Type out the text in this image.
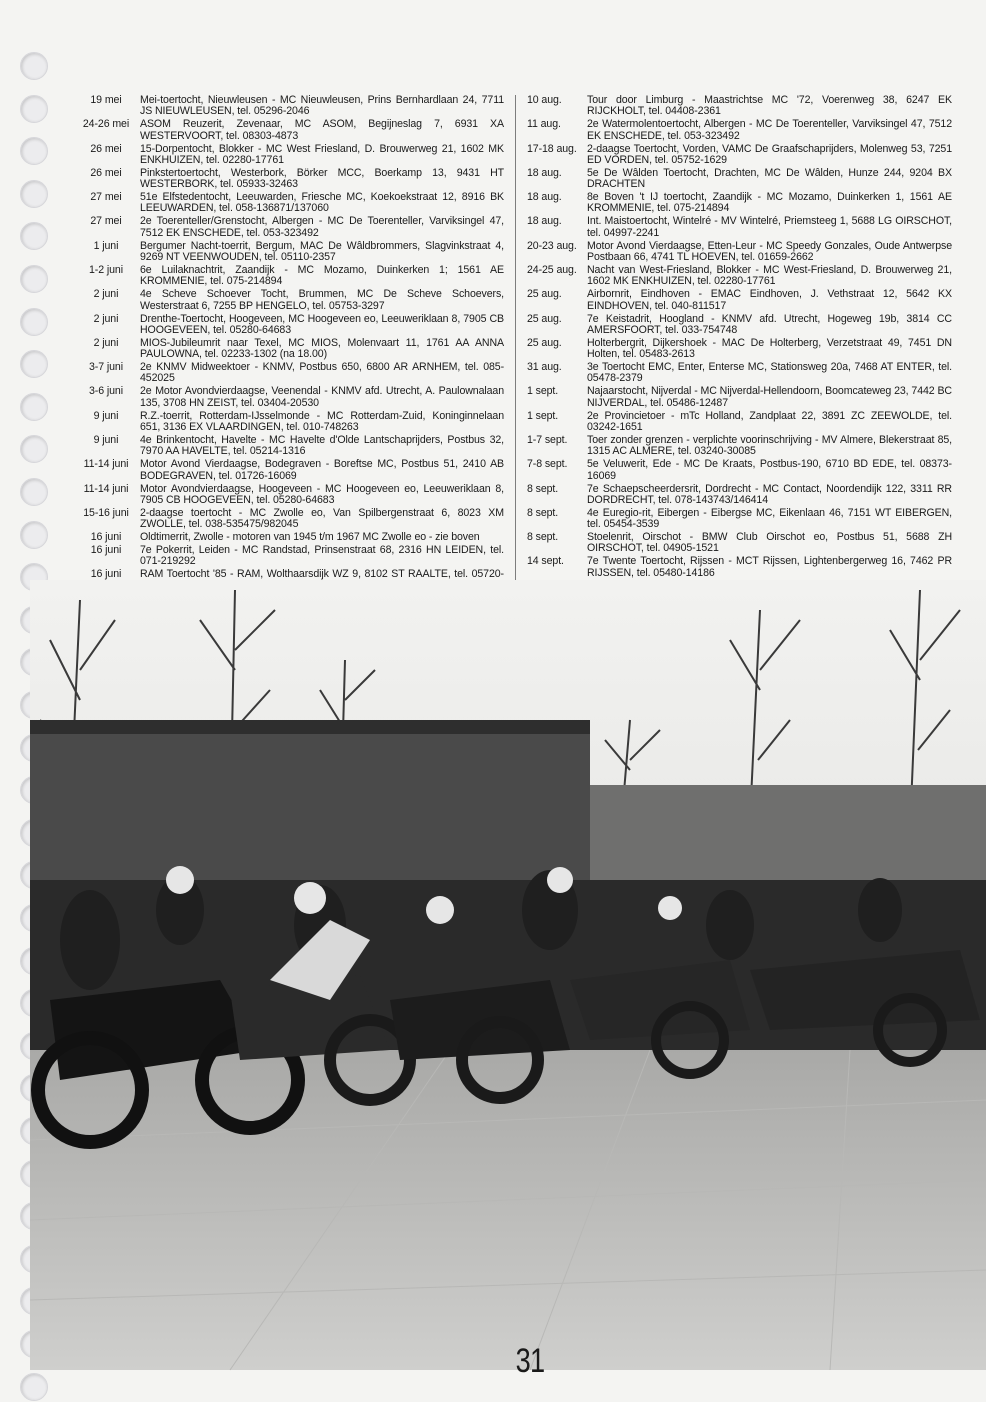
19 mei	Mei-toertocht, Nieuwleusen - MC Nieuwleusen, Prins Bernhardlaan 24, 7711 JS NIEUWLEUSEN, tel. 05296-2046
24-26 mei	ASOM Reuzerit, Zevenaar, MC ASOM, Begijneslag 7, 6931 XA WESTERVOORT, tel. 08303-4873
26 mei	15-Dorpentocht, Blokker - MC West Friesland, D. Brouwerweg 21, 1602 MK ENKHUIZEN, tel. 02280-17761
26 mei	Pinkstertoertocht, Westerbork, Börker MCC, Boerkamp 13, 9431 HT WESTERBORK, tel. 05933-32463
27 mei	51e Elfstedentocht, Leeuwarden, Friesche MC, Koekoekstraat 12, 8916 BK LEEUWARDEN, tel. 058-136871/137060
27 mei	2e Toerenteller/Grenstocht, Albergen - MC De Toerenteller, Varviksingel 47, 7512 EK ENSCHEDE, tel. 053-323492
1 juni	Bergumer Nacht-toerrit, Bergum, MAC De Wâldbrommers, Slagvinkstraat 4, 9269 NT VEENWOUDEN, tel. 05110-2357
1-2 juni	6e Luilaknachtrit, Zaandijk - MC Mozamo, Duinkerken 1; 1561 AE KROMMENIE, tel. 075-214894
2 juni	4e Scheve Schoever Tocht, Brummen, MC De Scheve Schoevers, Westerstraat 6, 7255 BP HENGELO, tel. 05753-3297
2 juni	Drenthe-Toertocht, Hoogeveen, MC Hoogeveen eo, Leeuweriklaan 8, 7905 CB HOOGEVEEN, tel. 05280-64683
2 juni	MIOS-Jubileumrit naar Texel, MC MIOS, Molenvaart 11, 1761 AA ANNA PAULOWNA, tel. 02233-1302 (na 18.00)
3-7 juni	2e KNMV Midweektoer - KNMV, Postbus 650, 6800 AR ARNHEM, tel. 085-452025
3-6 juni	2e Motor Avondvierdaagse, Veenendal - KNMV afd. Utrecht, A. Paulownalaan 135, 3708 HN ZEIST, tel. 03404-20530
9 juni	R.Z.-toerrit, Rotterdam-IJsselmonde - MC Rotterdam-Zuid, Koninginnelaan 651, 3136 EX VLAARDINGEN, tel. 010-748263
9 juni	4e Brinkentocht, Havelte - MC Havelte d'Olde Lantschaprijders, Postbus 32, 7970 AA HAVELTE, tel. 05214-1316
11-14 juni	Motor Avond Vierdaagse, Bodegraven - Boreftse MC, Postbus 51, 2410 AB BODEGRAVEN, tel. 01726-16069
11-14 juni	Motor Avondvierdaagse, Hoogeveen - MC Hoogeveen eo, Leeuweriklaan 8, 7905 CB HOOGEVEEN, tel. 05280-64683
15-16 juni	2-daagse toertocht - MC Zwolle eo, Van Spilbergenstraat 6, 8023 XM ZWOLLE, tel. 038-535475/982045
16 juni	Oldtimerrit, Zwolle - motoren van 1945 t/m 1967 MC Zwolle eo - zie boven
16 juni	7e Pokerrit, Leiden - MC Randstad, Prinsenstraat 68, 2316 HN LEIDEN, tel. 071-219292
16 juni	RAM Toertocht '85 - RAM, Wolthaarsdijk WZ 9, 8102 ST RAALTE, tel. 05720-
10 aug.	Tour door Limburg - Maastrichtse MC '72, Voerenweg 38, 6247 EK RIJCKHOLT, tel. 04408-2361
11 aug.	2e Watermolentoertocht, Albergen - MC De Toerenteller, Varviksingel 47, 7512 EK ENSCHEDE, tel. 053-323492
17-18 aug. 2-daagse Toertocht, Vorden, VAMC De Graafschaprijders, Molenweg 53, 7251 ED VORDEN, tel. 05752-1629
18 aug.	5e De Wâlden Toertocht, Drachten, MC De Wâlden, Hunze 244, 9204 BX DRACHTEN
18 aug.	8e Boven 't IJ toertocht, Zaandijk - MC Mozamo, Duinkerken 1, 1561 AE KROMMENIE, tel. 075-214894
18 aug.	Int. Maistoertocht, Wintelré - MV Wintelré, Priemsteeg 1, 5688 LG OIRSCHOT, tel. 04997-2241
20-23 aug. Motor Avond Vierdaagse, Etten-Leur - MC Speedy Gonzales, Oude Antwerpse Postbaan 66, 4741 TL HOEVEN, tel. 01659-2662
24-25 aug. Nacht van West-Friesland, Blokker - MC West-Friesland, D. Brouwerweg 21, 1602 MK ENKHUIZEN, tel. 02280-17761
25 aug.	Airbornrit, Eindhoven - EMAC Eindhoven, J. Vethstraat 12, 5642 KX EINDHOVEN, tel. 040-811517
25 aug.	7e Keistadrit, Hoogland - KNMV afd. Utrecht, Hogeweg 19b, 3814 CC AMERSFOORT, tel. 033-754748
25 aug.	Holterbergrit, Dijkershoek - MAC De Holterberg, Verzetstraat 49, 7451 DN Holten, tel. 05483-2613
31 aug.	3e Toertocht EMC, Enter, Enterse MC, Stationsweg 20a, 7468 AT ENTER, tel. 05478-2379
1 sept.	Najaarstocht, Nijverdal - MC Nijverdal-Hellendoorn, Boomcateweg 23, 7442 BC NIJVERDAL, tel. 05486-12487
1 sept.	2e Provincietoer - mTc Holland, Zandplaat 22, 3891 ZC ZEEWOLDE, tel. 03242-1651
1-7 sept.	Toer zonder grenzen - verplichte voorinschrijving - MV Almere, Blekerstraat 85, 1315 AC ALMERE, tel. 03240-30085
7-8 sept.	5e Veluwerit, Ede - MC De Kraats, Postbus-190, 6710 BD EDE, tel. 08373-16069
8 sept.	7e Schaepscheerdersrit, Dordrecht - MC Contact, Noordendijk 122, 3311 RR DORDRECHT, tel. 078-143743/146414
8 sept.	4e Euregio-rit, Eibergen - Eibergse MC, Eikenlaan 46, 7151 WT EIBERGEN, tel. 05454-3539
8 sept.	Stoelenrit, Oirschot - BMW Club Oirschot eo, Postbus 51, 5688 ZH OIRSCHOT, tel. 04905-1521
14 sept.	7e Twente Toertocht, Rijssen - MCT Rijssen, Lightenbergerweg 16, 7462 PR RIJSSEN, tel. 05480-14186
31
